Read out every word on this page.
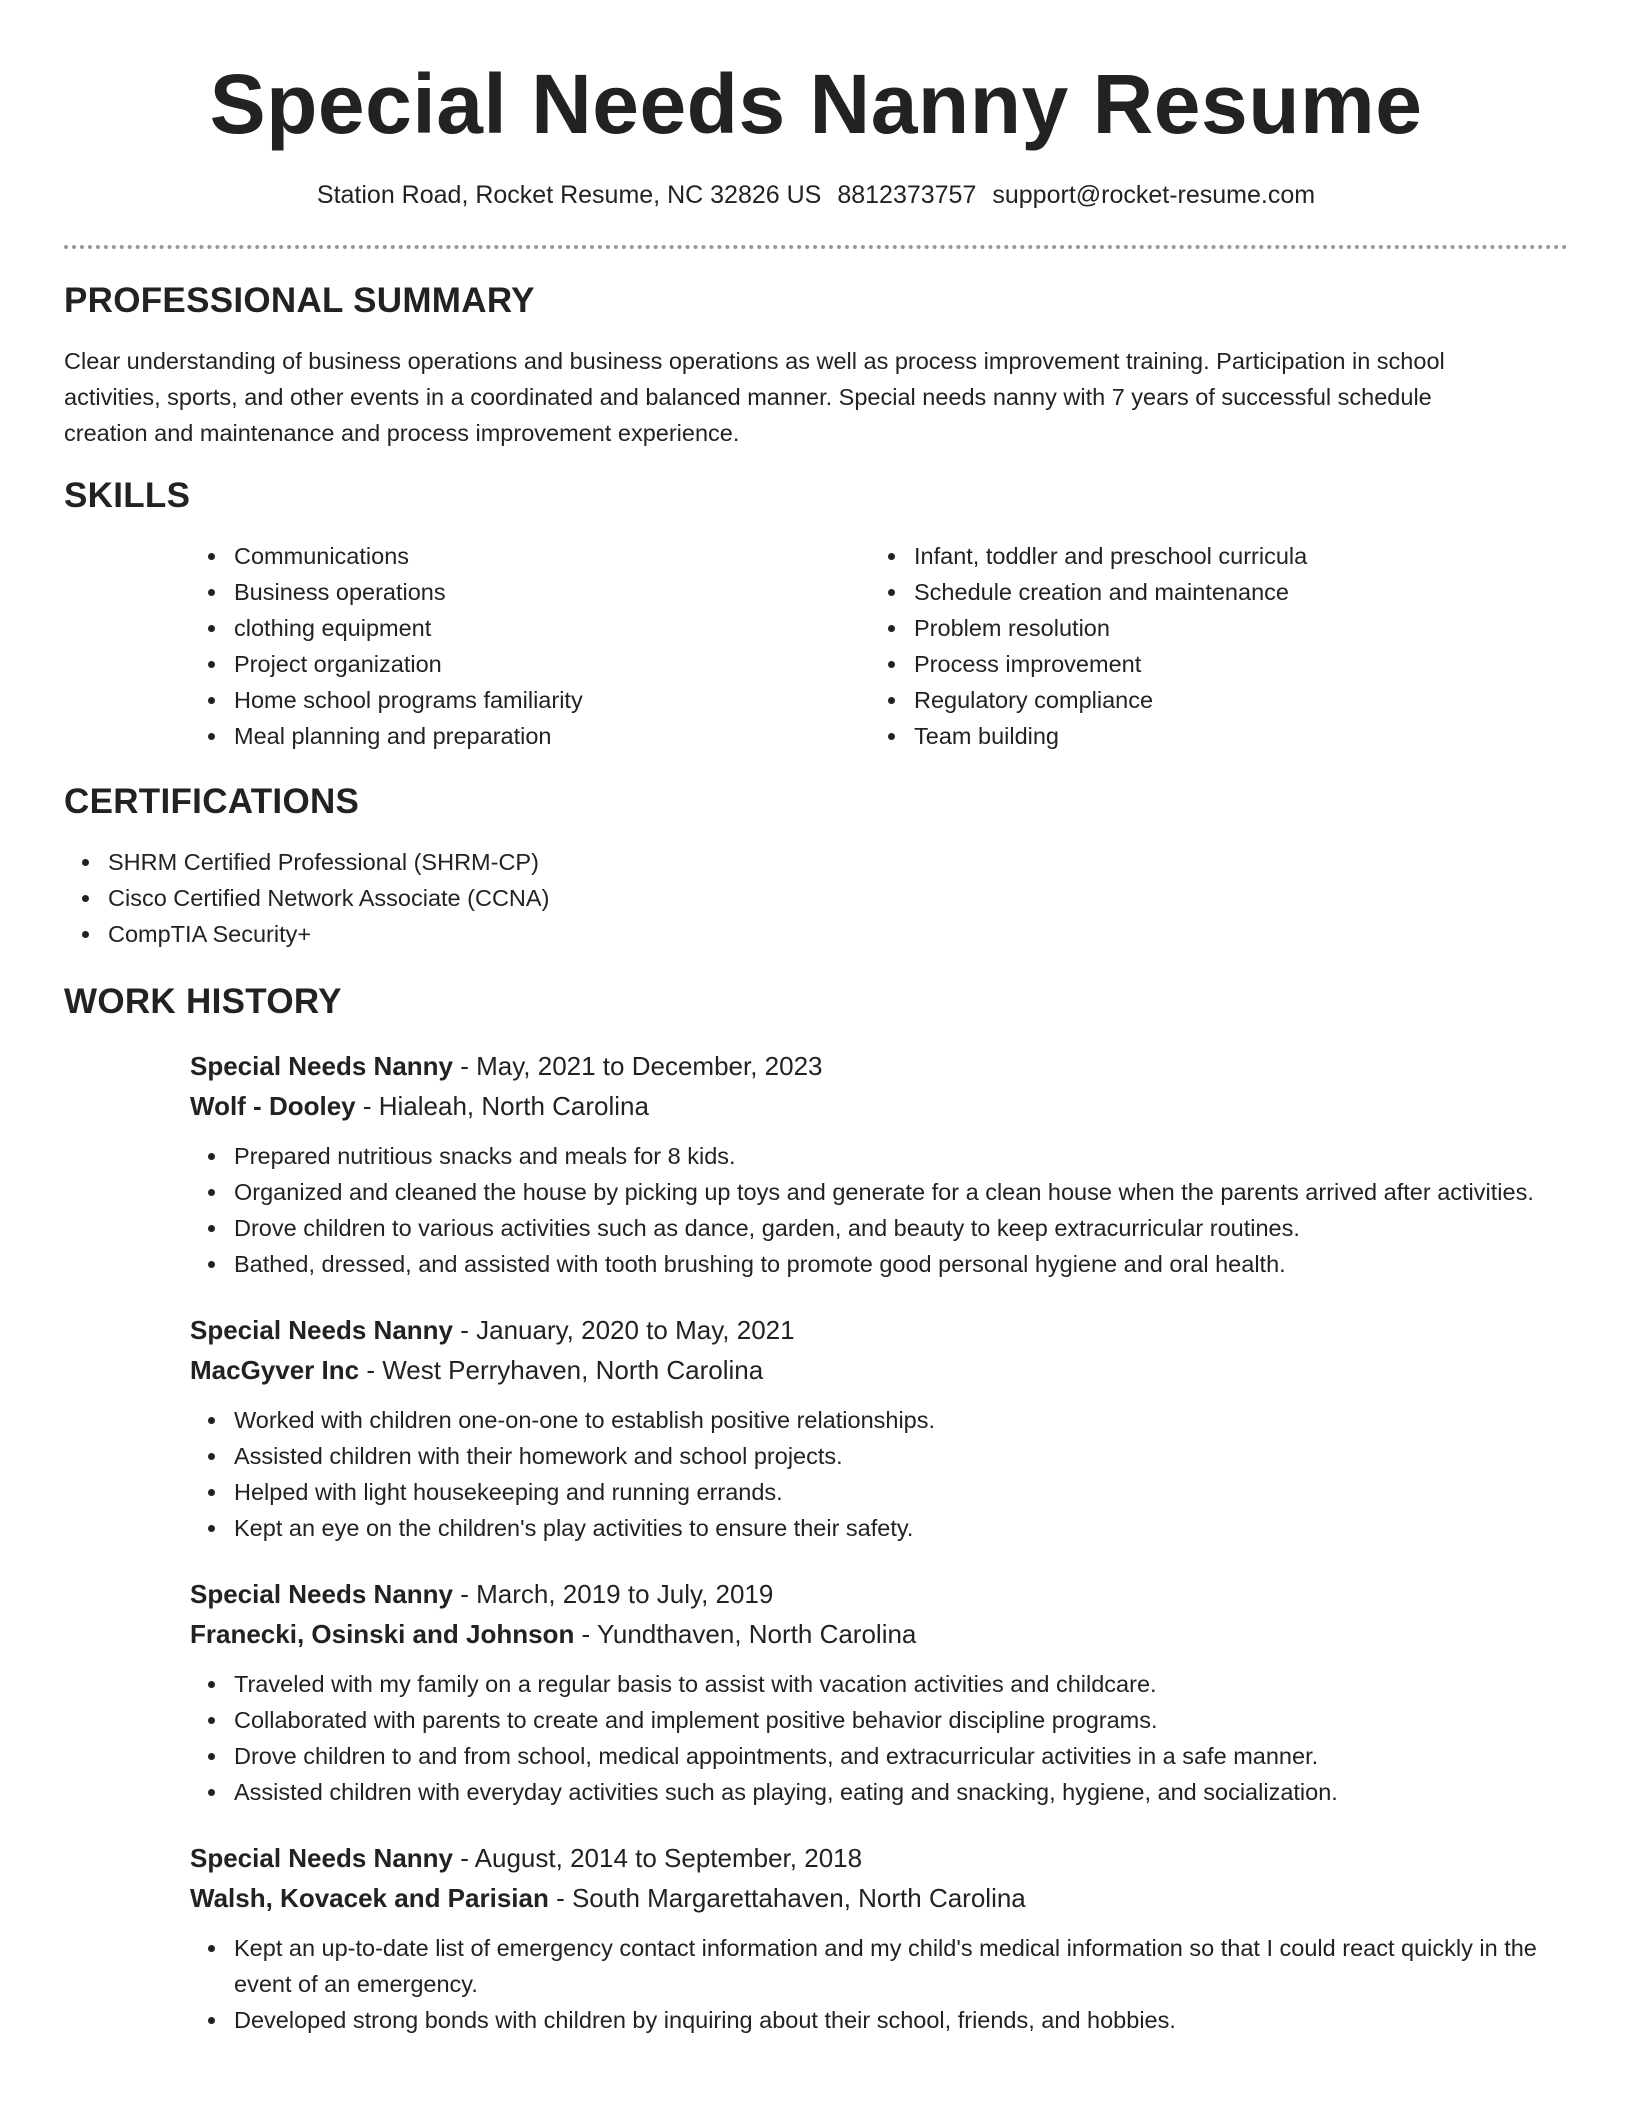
Special Needs Nanny Resume
Station Road, Rocket Resume, NC 32826 US 8812373757 support@rocket-resume.com
PROFESSIONAL SUMMARY

Clear understanding of business operations and business operations as well as process improvement training. Participation in school activities, sports, and other events in a coordinated and balanced manner. Special needs nanny with 7 years of successful schedule creation and maintenance and process improvement experience.

SKILLS
Communications
Business operations
clothing equipment
Project organization
Home school programs familiarity
Meal planning and preparation
Infant, toddler and preschool curricula
Schedule creation and maintenance
Problem resolution
Process improvement
Regulatory compliance
Team building
CERTIFICATIONS
SHRM Certified Professional (SHRM-CP)
Cisco Certified Network Associate (CCNA)
CompTIA Security+
WORK HISTORY
Special Needs Nanny - May, 2021 to December, 2023
Wolf - Dooley - Hialeah, North Carolina
Prepared nutritious snacks and meals for 8 kids.
Organized and cleaned the house by picking up toys and generate for a clean house when the parents arrived after activities.
Drove children to various activities such as dance, garden, and beauty to keep extracurricular routines.
Bathed, dressed, and assisted with tooth brushing to promote good personal hygiene and oral health.
Special Needs Nanny - January, 2020 to May, 2021
MacGyver Inc - West Perryhaven, North Carolina
Worked with children one-on-one to establish positive relationships.
Assisted children with their homework and school projects.
Helped with light housekeeping and running errands.
Kept an eye on the children's play activities to ensure their safety.
Special Needs Nanny - March, 2019 to July, 2019
Franecki, Osinski and Johnson - Yundthaven, North Carolina
Traveled with my family on a regular basis to assist with vacation activities and childcare.
Collaborated with parents to create and implement positive behavior discipline programs.
Drove children to and from school, medical appointments, and extracurricular activities in a safe manner.
Assisted children with everyday activities such as playing, eating and snacking, hygiene, and socialization.
Special Needs Nanny - August, 2014 to September, 2018
Walsh, Kovacek and Parisian - South Margarettahaven, North Carolina
Kept an up-to-date list of emergency contact information and my child's medical information so that I could react quickly in the event of an emergency.
Developed strong bonds with children by inquiring about their school, friends, and hobbies.
